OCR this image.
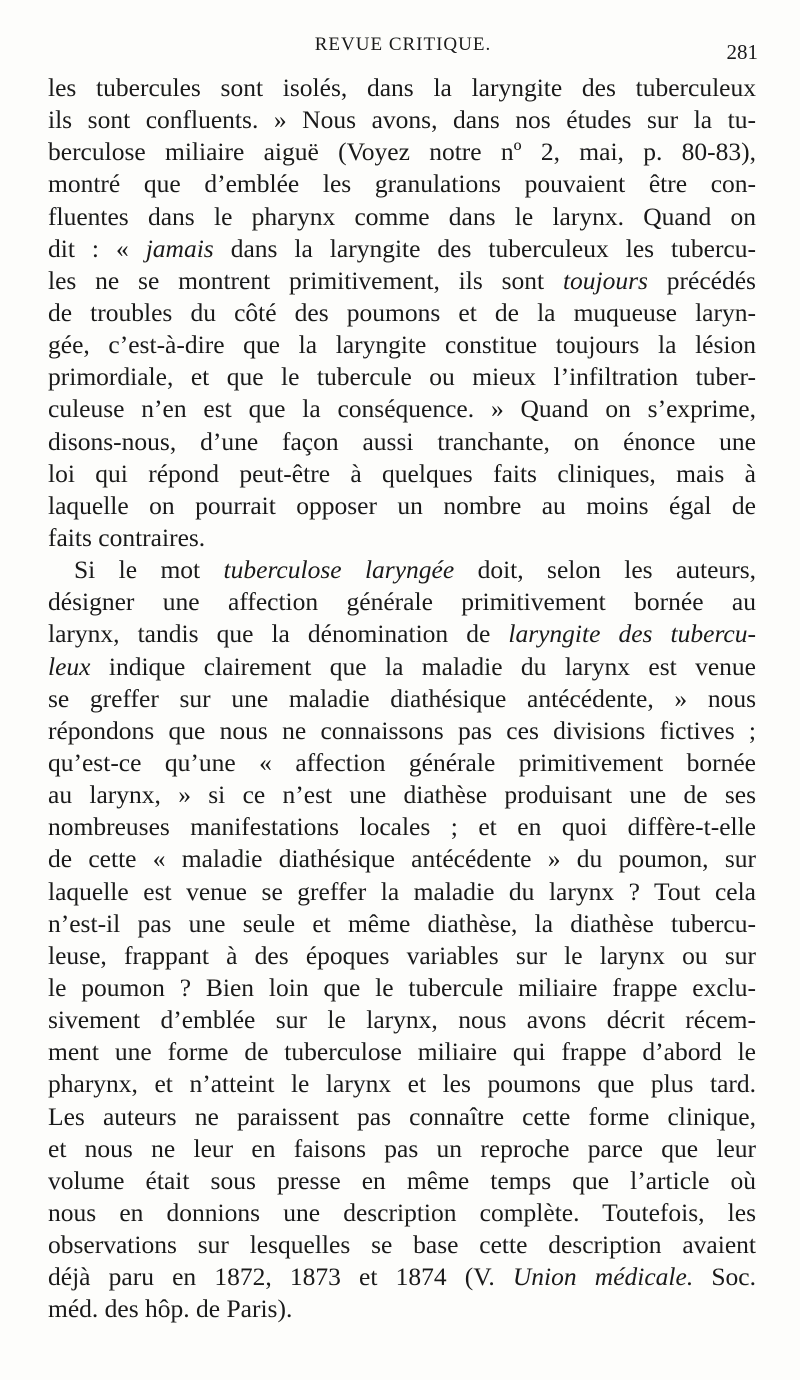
REVUE CRITIQUE.	281
les tubercules sont isolés, dans la laryngite des tuberculeux
ils sont confluents. » Nous avons, dans nos études sur la tu-
berculose miliaire aiguë (Voyez notre nº 2, mai, p. 80-83),
montré que d’emblée les granulations pouvaient être con-
fluentes dans le pharynx comme dans le larynx. Quand on
dit : « jamais dans la laryngite des tuberculeux les tubercu-
les ne se montrent primitivement, ils sont toujours précédés
de troubles du côté des poumons et de la muqueuse laryn-
gée, c’est-à-dire que la laryngite constitue toujours la lésion
primordiale, et que le tubercule ou mieux l’infiltration tuber-
culeuse n’en est que la conséquence. » Quand on s’exprime,
disons-nous, d’une façon aussi tranchante, on énonce une
loi qui répond peut-être à quelques faits cliniques, mais à
laquelle on pourrait opposer un nombre au moins égal de
faits contraires.
Si le mot tuberculose laryngée doit, selon les auteurs,
désigner une affection générale primitivement bornée au
larynx, tandis que la dénomination de laryngite des tubercu-
leux indique clairement que la maladie du larynx est venue
se greffer sur une maladie diathésique antécédente, » nous
répondons que nous ne connaissons pas ces divisions fictives ;
qu’est-ce qu’une « affection générale primitivement bornée
au larynx, » si ce n’est une diathèse produisant une de ses
nombreuses manifestations locales ; et en quoi diffère-t-elle
de cette « maladie diathésique antécédente » du poumon, sur
laquelle est venue se greffer la maladie du larynx ? Tout cela
n’est-il pas une seule et même diathèse, la diathèse tubercu-
leuse, frappant à des époques variables sur le larynx ou sur
le poumon ? Bien loin que le tubercule miliaire frappe exclu-
sivement d’emblée sur le larynx, nous avons décrit récem-
ment une forme de tuberculose miliaire qui frappe d’abord le
pharynx, et n’atteint le larynx et les poumons que plus tard.
Les auteurs ne paraissent pas connaître cette forme clinique,
et nous ne leur en faisons pas un reproche parce que leur
volume était sous presse en même temps que l’article où
nous en donnions une description complète. Toutefois, les
observations sur lesquelles se base cette description avaient
déjà paru en 1872, 1873 et 1874 (V. Union médicale. Soc.
méd. des hôp. de Paris).
